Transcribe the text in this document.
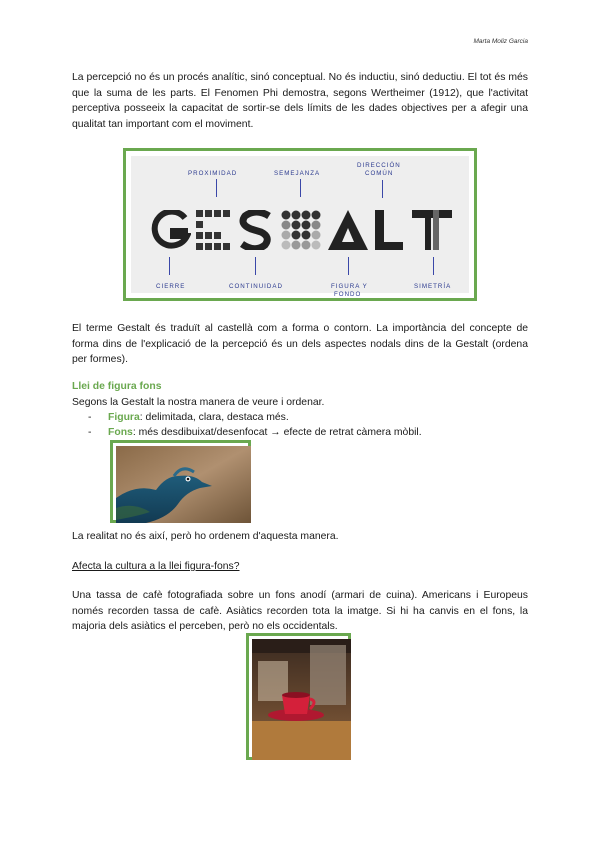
Marta Moliz Garcia

La percepció no és un procés analític, sinó conceptual. No és inductiu, sinó deductiu. El tot és més que la suma de les parts. El Fenomen Phi demostra, segons Wertheimer (1912), que l'activitat perceptiva posseeix la capacitat de sortir-se dels límits de les dades objectives per a afegir una qualitat tan important com el moviment.

PROXIMIDAD	SEMEJANZA
DIRECCIÓN
COMÚN
CIERRE	CONTINUIDAD	FIGURA Y
FONDO
SIMETRÍA

El terme Gestalt és traduït al castellà com a forma o contorn. La importància del concepte de forma dins de l'explicació de la percepció és un dels aspectes nodals dins de la Gestalt (ordena per formes).

Llei de figura fons

Segons la Gestalt la nostra manera de veure i ordenar.

- Figura: delimitada, clara, destaca més.
- Fons: més desdibuixat/desenfocat → efecte de retrat càmera mòbil.

La realitat no és així, però ho ordenem d'aquesta manera.

Afecta la cultura a la llei figura-fons?

Una tassa de cafè fotografiada sobre un fons anodí (armari de cuina). Americans i Europeus només recorden tassa de cafè. Asiàtics recorden tota la imatge. Si hi ha canvis en el fons, la majoria dels asiàtics el perceben, però no els occidentals.
